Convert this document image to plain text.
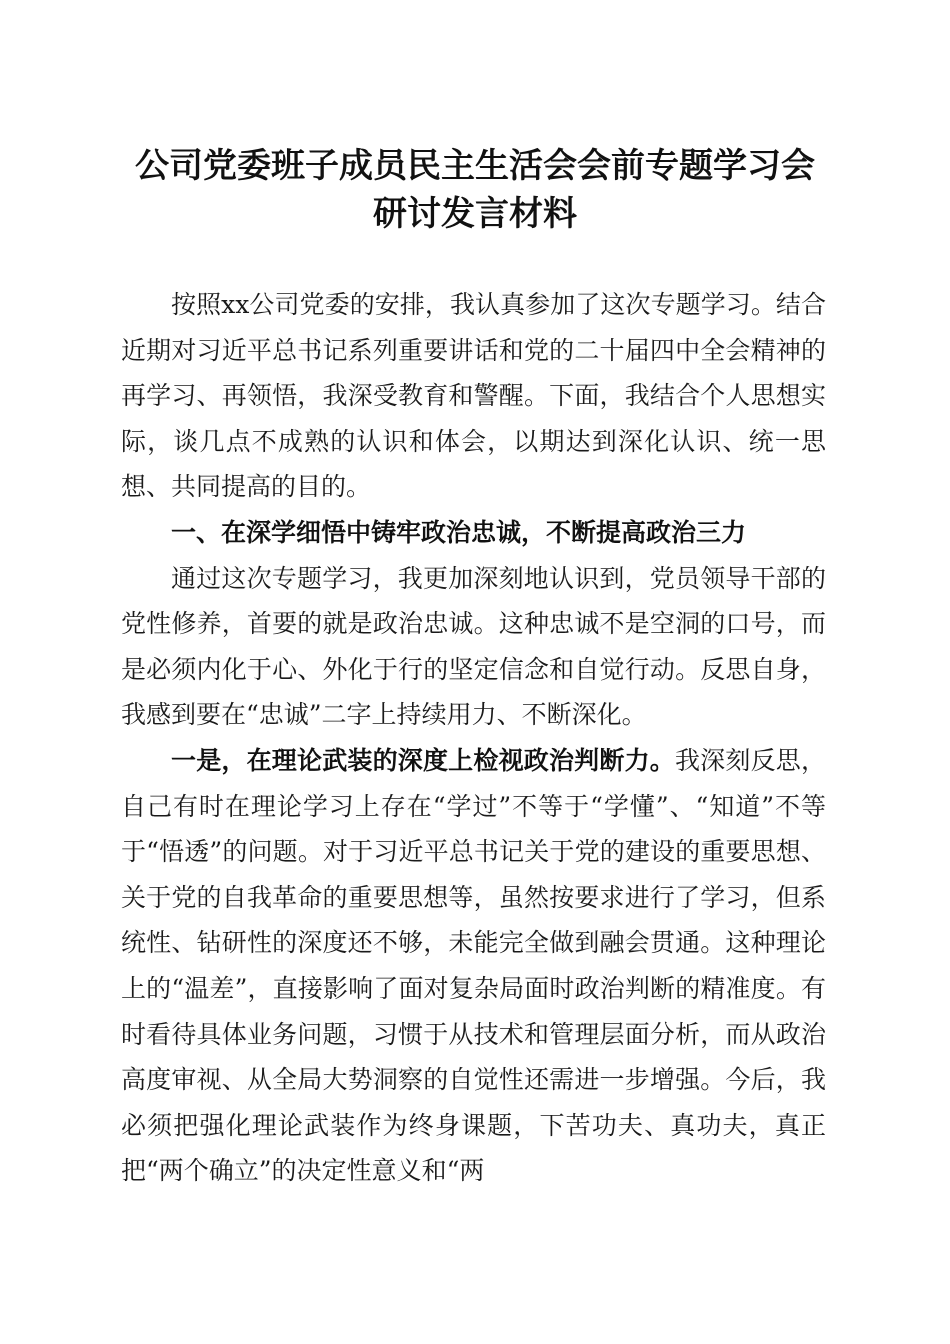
公司党委班子成员民主生活会会前专题学习会
研讨发言材料

按照xx公司党委的安排，我认真参加了这次专题学习。结合近期对习近平总书记系列重要讲话和党的二十届四中全会精神的再学习、再领悟，我深受教育和警醒。下面，我结合个人思想实际，谈几点不成熟的认识和体会，以期达到深化认识、统一思想、共同提高的目的。

一、在深学细悟中铸牢政治忠诚，不断提高政治三力

通过这次专题学习，我更加深刻地认识到，党员领导干部的党性修养，首要的就是政治忠诚。这种忠诚不是空洞的口号，而是必须内化于心、外化于行的坚定信念和自觉行动。反思自身，我感到要在“忠诚”二字上持续用力、不断深化。

一是，在理论武装的深度上检视政治判断力。我深刻反思，自己有时在理论学习上存在“学过”不等于“学懂”、“知道”不等于“悟透”的问题。对于习近平总书记关于党的建设的重要思想、关于党的自我革命的重要思想等，虽然按要求进行了学习，但系统性、钻研性的深度还不够，未能完全做到融会贯通。这种理论上的“温差”，直接影响了面对复杂局面时政治判断的精准度。有时看待具体业务问题，习惯于从技术和管理层面分析，而从政治高度审视、从全局大势洞察的自觉性还需进一步增强。今后，我必须把强化理论武装作为终身课题，下苦功夫、真功夫，真正把“两个确立”的决定性意义和“两
